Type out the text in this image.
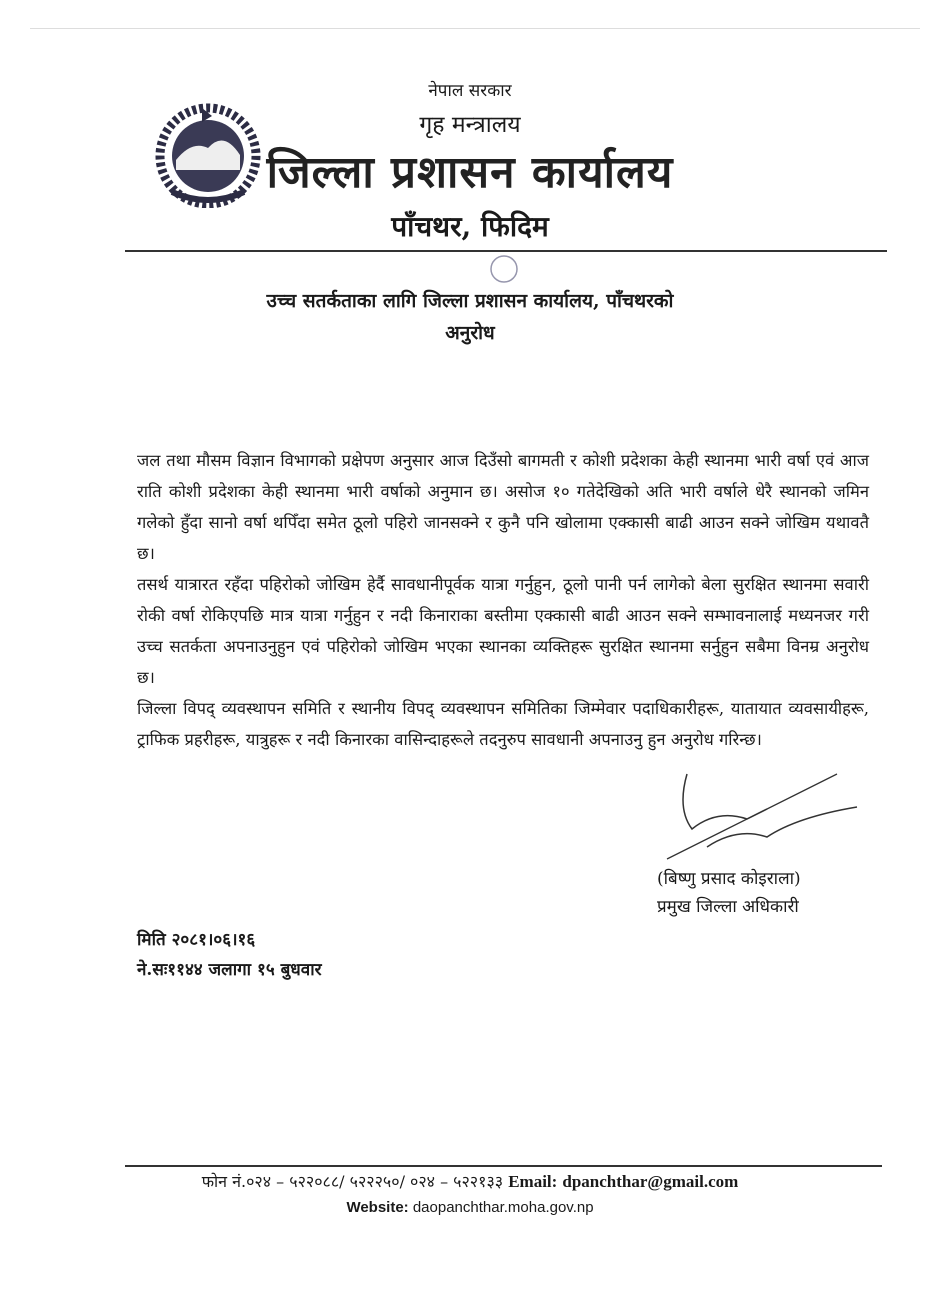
नेपाल सरकार
गृह मन्त्रालय
जिल्ला प्रशासन कार्यालय
पाँचथर, फिदिम
उच्च सतर्कताका लागि जिल्ला प्रशासन कार्यालय, पाँचथरको
अनुरोध

जल तथा मौसम विज्ञान विभागको प्रक्षेपण अनुसार आज दिउँसो बागमती र कोशी प्रदेशका केही स्थानमा भारी वर्षा एवं आज राति कोशी प्रदेशका केही स्थानमा भारी वर्षाको अनुमान छ। असोज १० गतेदेखिको अति भारी वर्षाले धेरै स्थानको जमिन गलेको हुँदा सानो वर्षा थपिँदा समेत ठूलो पहिरो जानसक्ने र कुनै पनि खोलामा एक्कासी बाढी आउन सक्ने जोखिम यथावतै छ।

तसर्थ यात्रारत रहँदा पहिरोको जोखिम हेर्दै सावधानीपूर्वक यात्रा गर्नुहुन, ठूलो पानी पर्न लागेको बेला सुरक्षित स्थानमा सवारी रोकी वर्षा रोकिएपछि मात्र यात्रा गर्नुहुन र नदी किनाराका बस्तीमा एक्कासी बाढी आउन सक्ने सम्भावनालाई मध्यनजर गरी उच्च सतर्कता अपनाउनुहुन एवं पहिरोको जोखिम भएका स्थानका व्यक्तिहरू सुरक्षित स्थानमा सर्नुहुन सबैमा विनम्र अनुरोध छ।

जिल्ला विपद् व्यवस्थापन समिति र स्थानीय विपद् व्यवस्थापन समितिका जिम्मेवार पदाधिकारीहरू, यातायात व्यवसायीहरू, ट्राफिक प्रहरीहरू, यात्रुहरू र नदी किनारका वासिन्दाहरूले तदनुरुप सावधानी अपनाउनु हुन अनुरोध गरिन्छ।

(बिष्णु प्रसाद कोइराला)
प्रमुख जिल्ला अधिकारी
मिति २०८१।०६।१६
ने.सः११४४ जलागा १५ बुधवार
फोन नं.०२४ – ५२२०८८/ ५२२२५०/ ०२४ – ५२२१३३ Email: dpanchthar@gmail.com
Website: daopanchthar.moha.gov.np
